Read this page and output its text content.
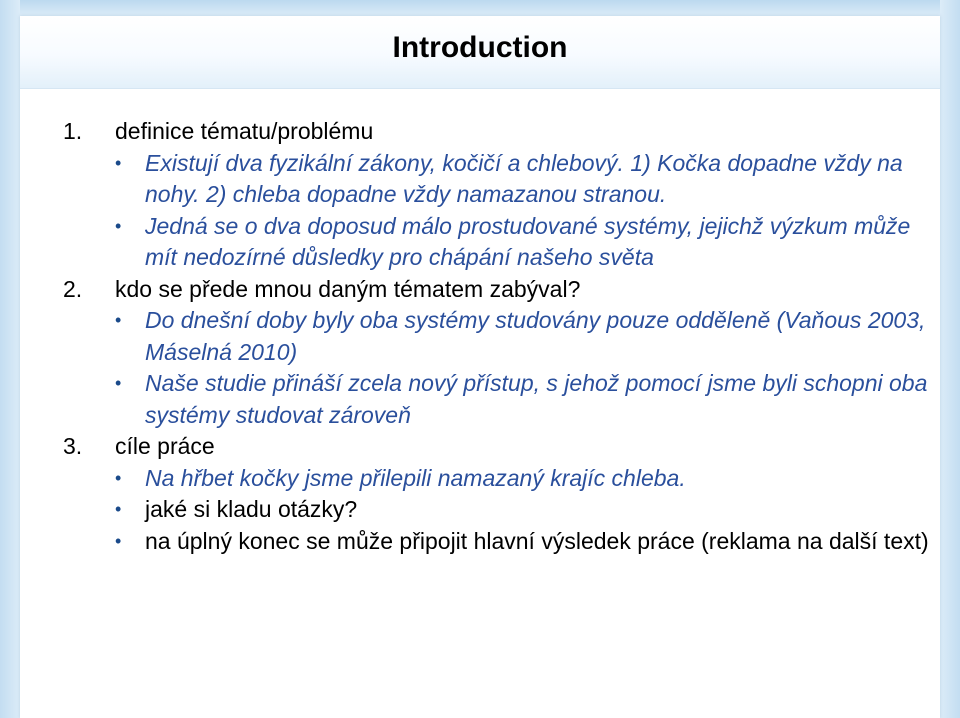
Introduction
1. definice tématu/problému
• Existují dva fyzikální zákony, kočičí a chlebový. 1) Kočka dopadne vždy na nohy. 2) chleba dopadne vždy namazanou stranou.
• Jedná se o dva doposud málo prostudované systémy, jejichž výzkum může mít nedozírné důsledky pro chápání našeho světa
2. kdo se přede mnou daným tématem zabýval?
• Do dnešní doby byly oba systémy studovány pouze odděleně (Vaňous 2003, Máselná 2010)
• Naše studie přináší zcela nový přístup, s jehož pomocí jsme byli schopni oba systémy studovat zároveň
3. cíle práce
• Na hřbet kočky jsme přilepili namazaný krajíc chleba.
• jaké si kladu otázky?
• na úplný konec se může připojit hlavní výsledek práce (reklama na další text)
